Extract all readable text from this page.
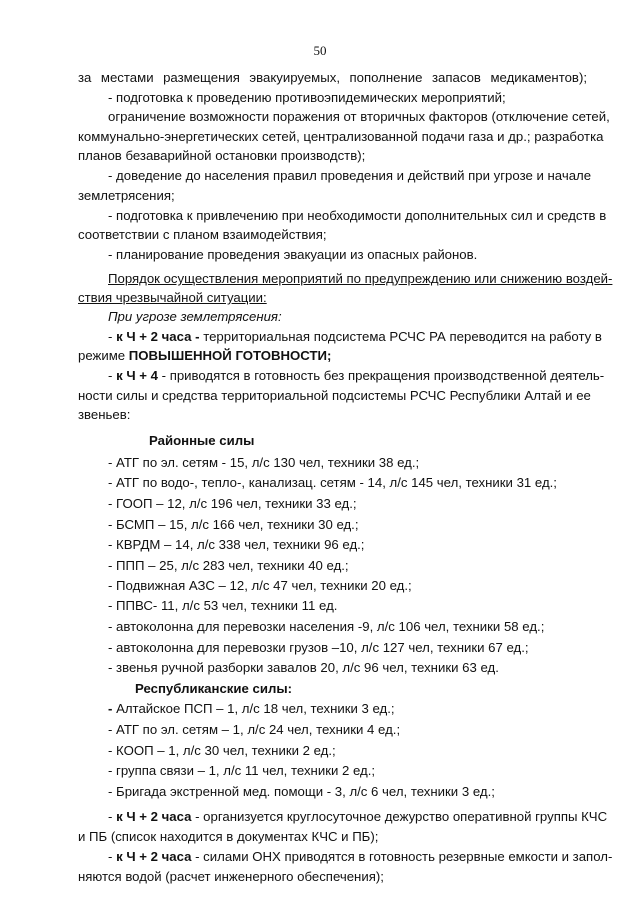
50
за местами размещения эвакуируемых, пополнение запасов медикаментов);
- подготовка к проведению противоэпидемических мероприятий;
ограничение возможности поражения от вторичных факторов (отключение сетей,
коммунально-энергетических сетей, централизованной подачи газа и др.; разработка
планов безаварийной остановки производств);
- доведение до населения правил проведения и действий при угрозе и начале
землетрясения;
- подготовка к привлечению при необходимости дополнительных сил и средств в
соответствии с планом взаимодействия;
- планирование проведения эвакуации из опасных районов.
Порядок осуществления мероприятий по предупреждению или снижению воздей-
ствия чрезвычайной ситуации:
При угрозе землетрясения:
- к Ч + 2 часа - территориальная подсистема РСЧС РА переводится на работу в
режиме ПОВЫШЕННОЙ ГОТОВНОСТИ;
- к Ч + 4 - приводятся в готовность без прекращения производственной деятель-
ности силы и средства территориальной подсистемы РСЧС Республики Алтай и ее
звеньев:
Районные силы
- АТГ по эл. сетям - 15, л/с 130 чел, техники 38 ед.;
- АТГ по водо-, тепло-, канализац. сетям - 14, л/с 145 чел, техники 31 ед.;
- ГООП – 12, л/с 196 чел, техники 33 ед.;
- БСМП – 15, л/с 166 чел, техники 30 ед.;
- КВРДМ – 14, л/с 338 чел, техники 96 ед.;
- ППП – 25, л/с 283 чел, техники 40 ед.;
- Подвижная АЗС – 12, л/с 47 чел, техники 20 ед.;
- ППВС- 11, л/с 53 чел, техники 11 ед.
- автоколонна для перевозки населения -9, л/с 106 чел, техники 58 ед.;
- автоколонна для перевозки грузов –10, л/с 127 чел, техники 67 ед.;
- звенья ручной разборки завалов 20, л/с 96 чел, техники 63 ед.
Республиканские силы:
- Алтайское ПСП – 1, л/с 18 чел, техники 3 ед.;
- АТГ по эл. сетям – 1, л/с 24 чел, техники 4 ед.;
- КООП – 1, л/с 30 чел, техники 2 ед.;
- группа связи – 1, л/с 11 чел, техники 2 ед.;
- Бригада экстренной мед. помощи - 3, л/с 6 чел, техники 3 ед.;
- к Ч + 2 часа - организуется круглосуточное дежурство оперативной группы КЧС
и ПБ (список находится в документах КЧС и ПБ);
- к Ч + 2 часа - силами ОНХ приводятся в готовность резервные емкости и запол-
няются водой (расчет инженерного обеспечения);
